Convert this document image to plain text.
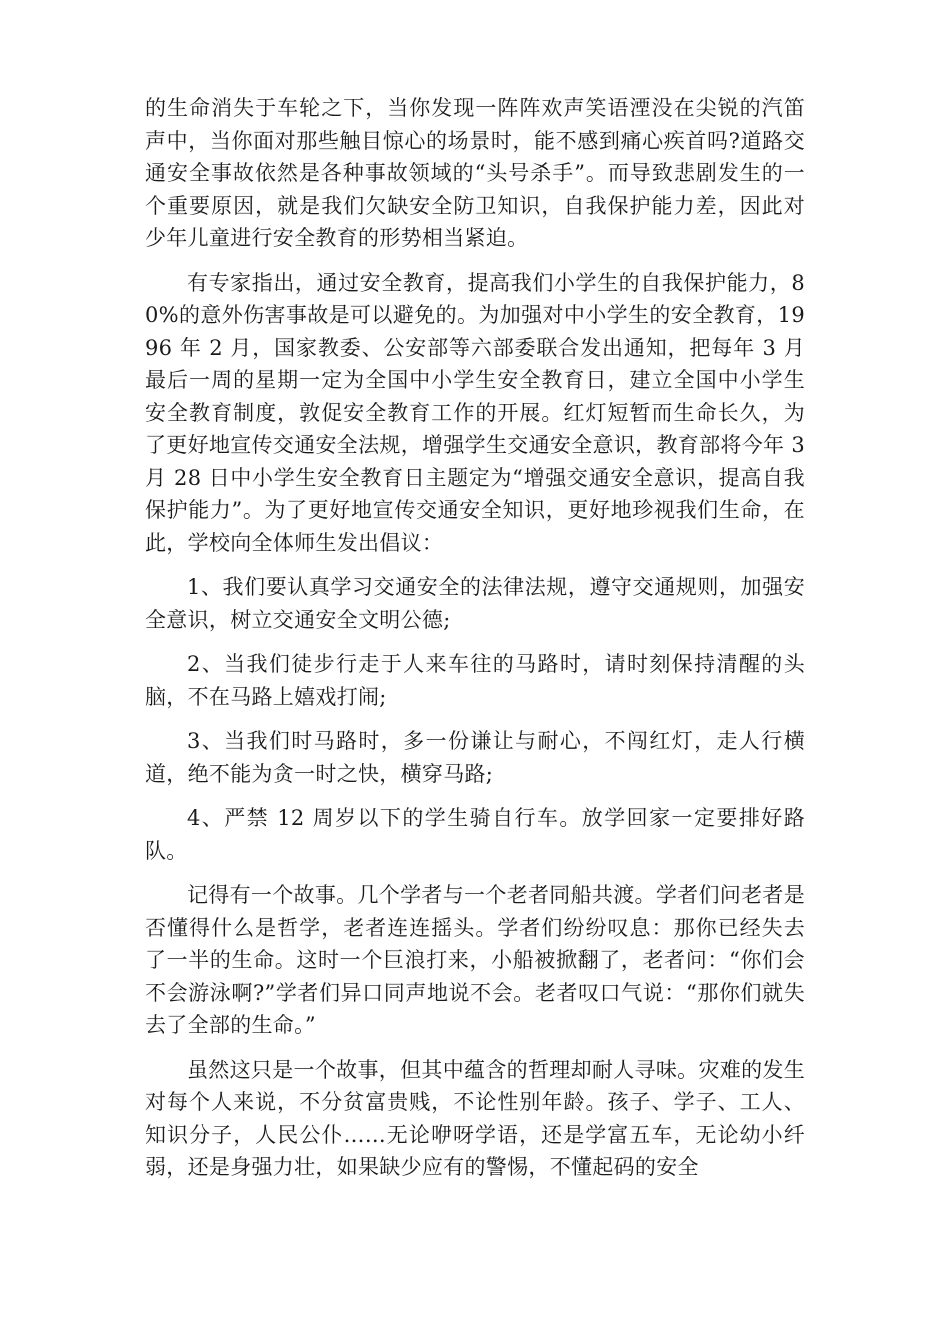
的生命消失于车轮之下，当你发现一阵阵欢声笑语湮没在尖锐的汽笛声中，当你面对那些触目惊心的场景时，能不感到痛心疾首吗?道路交通安全事故依然是各种事故领域的“头号杀手”。而导致悲剧发生的一个重要原因，就是我们欠缺安全防卫知识，自我保护能力差，因此对少年儿童进行安全教育的形势相当紧迫。

有专家指出，通过安全教育，提高我们小学生的自我保护能力，80%的意外伤害事故是可以避免的。为加强对中小学生的安全教育，1996 年 2 月，国家教委、公安部等六部委联合发出通知，把每年 3 月最后一周的星期一定为全国中小学生安全教育日，建立全国中小学生安全教育制度，敦促安全教育工作的开展。红灯短暂而生命长久，为了更好地宣传交通安全法规，增强学生交通安全意识，教育部将今年 3 月 28 日中小学生安全教育日主题定为“增强交通安全意识，提高自我保护能力”。为了更好地宣传交通安全知识，更好地珍视我们生命，在此，学校向全体师生发出倡议：

1、我们要认真学习交通安全的法律法规，遵守交通规则，加强安全意识，树立交通安全文明公德;

2、当我们徒步行走于人来车往的马路时，请时刻保持清醒的头脑，不在马路上嬉戏打闹;

3、当我们时马路时，多一份谦让与耐心，不闯红灯，走人行横道，绝不能为贪一时之快，横穿马路;

4、严禁 12 周岁以下的学生骑自行车。放学回家一定要排好路队。

记得有一个故事。几个学者与一个老者同船共渡。学者们问老者是否懂得什么是哲学，老者连连摇头。学者们纷纷叹息：那你已经失去了一半的生命。这时一个巨浪打来，小船被掀翻了，老者问：“你们会不会游泳啊?”学者们异口同声地说不会。老者叹口气说：“那你们就失去了全部的生命。”

虽然这只是一个故事，但其中蕴含的哲理却耐人寻味。灾难的发生对每个人来说，不分贫富贵贱，不论性别年龄。孩子、学子、工人、知识分子，人民公仆……无论咿呀学语，还是学富五车，无论幼小纤弱，还是身强力壮，如果缺少应有的警惕，不懂起码的安全
